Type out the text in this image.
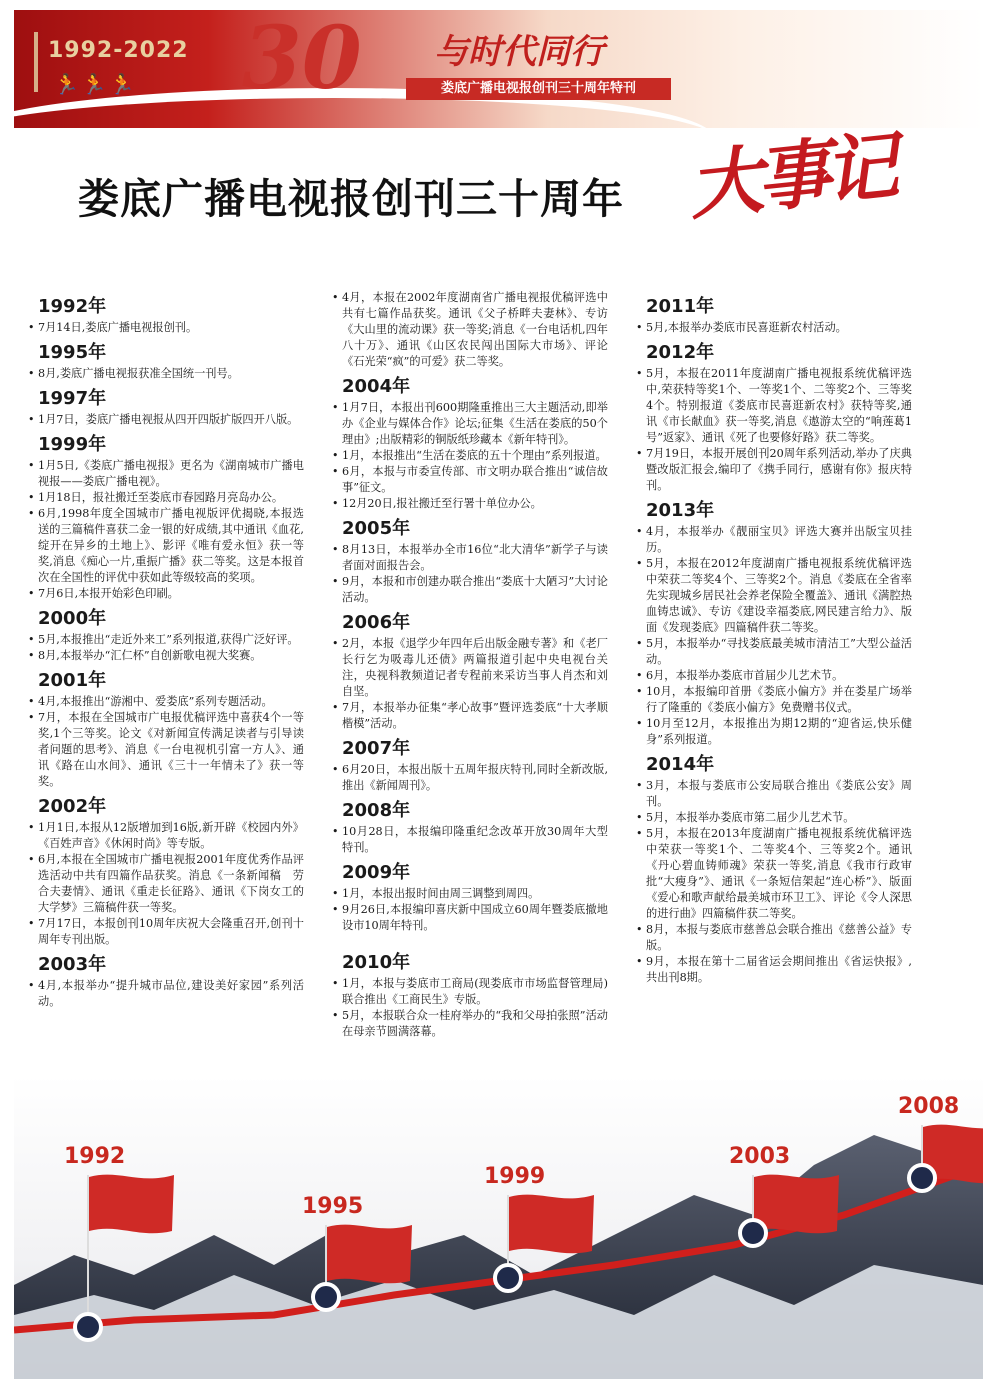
1992-2022
🏃🏃🏃 30 与时代同行
娄底广播电视报创刊三十周年特刊
娄底广播电视报创刊三十周年 大事记
1992年

• 7月14日,娄底广播电视报创刊。

1995年

• 8月,娄底广播电视报获准全国统一刊号。

1997年

• 1月7日，娄底广播电视报从四开四版扩版四开八版。

1999年

• 1月5日,《娄底广播电视报》更名为《湖南城市广播电视报——娄底广播电视》。

• 1月18日，报社搬迁至娄底市春园路月亮岛办公。

• 6月,1998年度全国城市广播电视版评优揭晓,本报选送的三篇稿件喜获二金一银的好成绩,其中通讯《血花,绽开在异乡的土地上》、影评《唯有爱永恒》获一等奖,消息《痴心一片,重振广播》获二等奖。这是本报首次在全国性的评优中获如此等级较高的奖项。

• 7月6日,本报开始彩色印刷。

2000年

• 5月,本报推出“走近外来工”系列报道,获得广泛好评。

• 8月,本报举办“汇仁杯”自创新歌电视大奖赛。

2001年

• 4月,本报推出“游湘中、爱娄底”系列专题活动。

• 7月，本报在全国城市广电报优稿评选中喜获4个一等奖,1个三等奖。论文《对新闻宣传满足读者与引导读者问题的思考》、消息《一台电视机引富一方人》、通讯《路在山水间》、通讯《三十一年情未了》获一等奖。

2002年

• 1月1日,本报从12版增加到16版,新开辟《校园内外》《百姓声音》《休闲时尚》等专版。

• 6月,本报在全国城市广播电视报2001年度优秀作品评选活动中共有四篇作品获奖。消息《一条新闻稿　劳合夫妻情》、通讯《重走长征路》、通讯《下岗女工的大学梦》三篇稿件获一等奖。

• 7月17日，本报创刊10周年庆祝大会隆重召开,创刊十周年专刊出版。

2003年

• 4月,本报举办“提升城市品位,建设美好家园”系列活动。

• 4月，本报在2002年度湖南省广播电视报优稿评选中共有七篇作品获奖。通讯《父子桥畔夫妻林》、专访《大山里的流动课》获一等奖;消息《一台电话机,四年八十万》、通讯《山区农民闯出国际大市场》、评论《石光荣“疯”的可爱》获二等奖。

2004年

• 1月7日，本报出刊600期隆重推出三大主题活动,即举办《企业与媒体合作》论坛;征集《生活在娄底的50个理由》;出版精彩的铜版纸珍藏本《新年特刊》。

• 1月，本报推出“生活在娄底的五十个理由”系列报道。

• 6月，本报与市委宣传部、市文明办联合推出“诚信故事”征文。

• 12月20日,报社搬迁至行署十单位办公。

2005年

• 8月13日，本报举办全市16位“北大清华”新学子与读者面对面报告会。

• 9月，本报和市创建办联合推出“娄底十大陋习”大讨论活动。

2006年

• 2月，本报《退学少年四年后出版金融专著》和《老厂长行乞为吸毒儿还债》两篇报道引起中央电视台关注，央视科教频道记者专程前来采访当事人肖杰和刘自坚。

• 7月，本报举办征集“孝心故事”暨评选娄底“十大孝顺楷模”活动。

2007年

• 6月20日，本报出版十五周年报庆特刊,同时全新改版,推出《新闻周刊》。

2008年

• 10月28日，本报编印隆重纪念改革开放30周年大型特刊。

2009年

• 1月，本报出报时间由周三调整到周四。

• 9月26日,本报编印喜庆新中国成立60周年暨娄底撤地设市10周年特刊。

2010年

• 1月，本报与娄底市工商局(现娄底市市场监督管理局)联合推出《工商民生》专版。

• 5月，本报联合众一桂府举办的“我和父母拍张照”活动在母亲节圆满落幕。

2011年

• 5月,本报举办娄底市民喜逛新农村活动。

2012年

• 5月，本报在2011年度湖南广播电视报系统优稿评选中,荣获特等奖1个、一等奖1个、二等奖2个、三等奖4个。特别报道《娄底市民喜逛新农村》获特等奖,通讯《市长献血》获一等奖,消息《遨游太空的“响莲葛1号”返家》、通讯《死了也要修好路》获二等奖。

• 7月19日，本报开展创刊20周年系列活动,举办了庆典暨改版汇报会,编印了《携手同行，感谢有你》报庆特刊。

2013年

• 4月，本报举办《靓丽宝贝》评选大赛并出版宝贝挂历。

• 5月，本报在2012年度湖南广播电视报系统优稿评选中荣获二等奖4个、三等奖2个。消息《娄底在全省率先实现城乡居民社会养老保险全覆盖》、通讯《满腔热血铸忠诚》、专访《建设幸福娄底,网民建言给力》、版面《发现娄底》四篇稿件获二等奖。

• 5月，本报举办“寻找娄底最美城市清洁工”大型公益活动。

• 6月，本报举办娄底市首届少儿艺术节。

• 10月，本报编印首册《娄底小偏方》并在娄星广场举行了隆重的《娄底小偏方》免费赠书仪式。

• 10月至12月，本报推出为期12期的“迎省运,快乐健身”系列报道。

2014年

• 3月，本报与娄底市公安局联合推出《娄底公安》周刊。

• 5月，本报举办娄底市第二届少儿艺术节。

• 5月，本报在2013年度湖南广播电视报系统优稿评选中荣获一等奖1个、二等奖4个、三等奖2个。通讯《丹心碧血铸师魂》荣获一等奖,消息《我市行政审批“大瘦身”》、通讯《一条短信架起“连心桥”》、版面《爱心和歌声献给最美城市环卫工》、评论《令人深思的进行曲》四篇稿件获二等奖。

• 8月，本报与娄底市慈善总会联合推出《慈善公益》专版。

• 9月，本报在第十二届省运会期间推出《省运快报》,共出刊8期。

1992
1995
1999
2003
2008
